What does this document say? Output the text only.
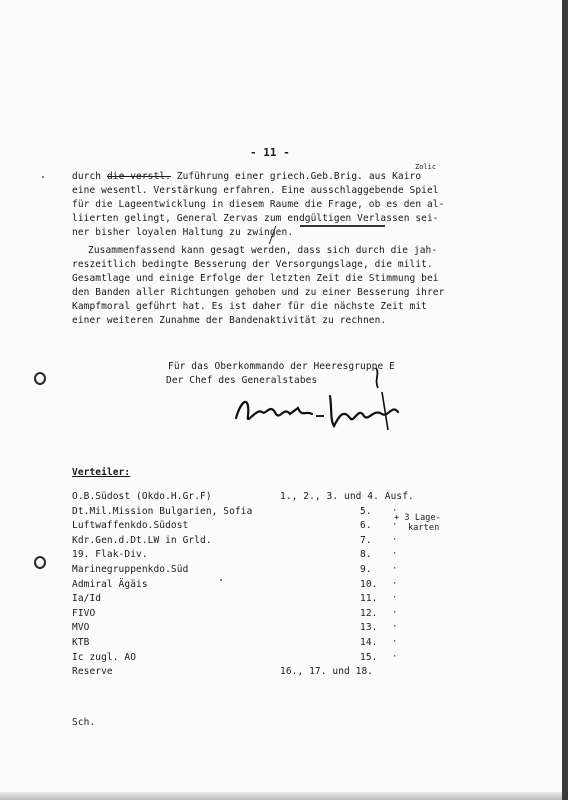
- 11 -
Zolic
durch die verstl. Zuführung einer griech.Geb.Brig. aus Kairo
eine wesentl. Verstärkung erfahren. Eine ausschlaggebende Spiel
für die Lageentwicklung in diesem Raume die Frage, ob es den al-
liierten gelingt, General Zervas zum endgültigen Verlassen sei-
ner bisher loyalen Haltung zu zwingen.
Zusammenfassend kann gesagt werden, dass sich durch die jah-
reszeitlich bedingte Besserung der Versorgungslage, die milit.
Gesamtlage und einige Erfolge der letzten Zeit die Stimmung bei
den Banden aller Richtungen gehoben und zu einer Besserung ihrer
Kampfmoral geführt hat. Es ist daher für die nächste Zeit mit
einer weiteren Zunahme der Bandenaktivität zu rechnen.
Für das Oberkommando der Heeresgruppe E
Der Chef des Generalstabes
Verteiler:
O.B.Südost (Okdo.H.Gr.F)	1., 2., 3. und 4. Ausf.
Dt.Mil.Mission Bulgarien, Sofia	5. ·
Luftwaffenkdo.Südost	6. ·
Kdr.Gen.d.Dt.LW in Grld.	7. ·
19. Flak-Div.	8. ·
Marinegruppenkdo.Süd	9. ·
Admiral Ägäis	10. ·
Ia/Id	11. ·
FIVO	12. ·
MVO	13. ·
KTB	14. ·
Ic zugl. AO	15. ·
Reserve	16., 17. und 18.
+ 3 Lage-
karten
Sch.
